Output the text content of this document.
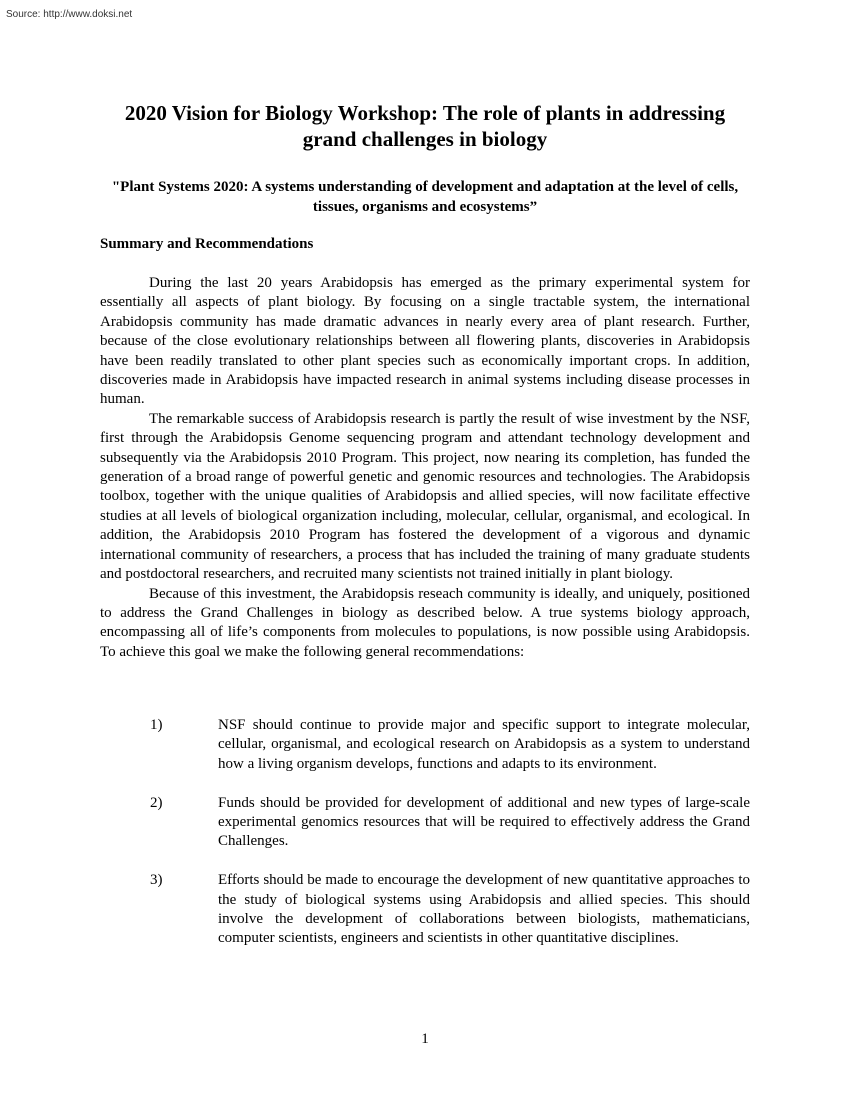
Source: http://www.doksi.net
2020 Vision for Biology Workshop: The role of plants in addressing grand challenges in biology
"Plant Systems 2020: A systems understanding of development and adaptation at the level of cells, tissues, organisms and ecosystems”
Summary and Recommendations

During the last 20 years Arabidopsis has emerged as the primary experimental system for essentially all aspects of plant biology. By focusing on a single tractable system, the international Arabidopsis community has made dramatic advances in nearly every area of plant research. Further, because of the close evolutionary relationships between all flowering plants, discoveries in Arabidopsis have been readily translated to other plant species such as economically important crops. In addition, discoveries made in Arabidopsis have impacted research in animal systems including disease processes in human.

The remarkable success of Arabidopsis research is partly the result of wise investment by the NSF, first through the Arabidopsis Genome sequencing program and attendant technology development and subsequently via the Arabidopsis 2010 Program. This project, now nearing its completion, has funded the generation of a broad range of powerful genetic and genomic resources and technologies. The Arabidopsis toolbox, together with the unique qualities of Arabidopsis and allied species, will now facilitate effective studies at all levels of biological organization including, molecular, cellular, organismal, and ecological. In addition, the Arabidopsis 2010 Program has fostered the development of a vigorous and dynamic international community of researchers, a process that has included the training of many graduate students and postdoctoral researchers, and recruited many scientists not trained initially in plant biology.

Because of this investment, the Arabidopsis reseach community is ideally, and uniquely, positioned to address the Grand Challenges in biology as described below. A true systems biology approach, encompassing all of life’s components from molecules to populations, is now possible using Arabidopsis. To achieve this goal we make the following general recommendations:

1)	NSF should continue to provide major and specific support to integrate molecular, cellular, organismal, and ecological research on Arabidopsis as a system to understand how a living organism develops, functions and adapts to its environment.
2)	Funds should be provided for development of additional and new types of large-scale experimental genomics resources that will be required to effectively address the Grand Challenges.
3)	Efforts should be made to encourage the development of new quantitative approaches to the study of biological systems using Arabidopsis and allied species. This should involve the development of collaborations between biologists, mathematicians, computer scientists, engineers and scientists in other quantitative disciplines.
1
